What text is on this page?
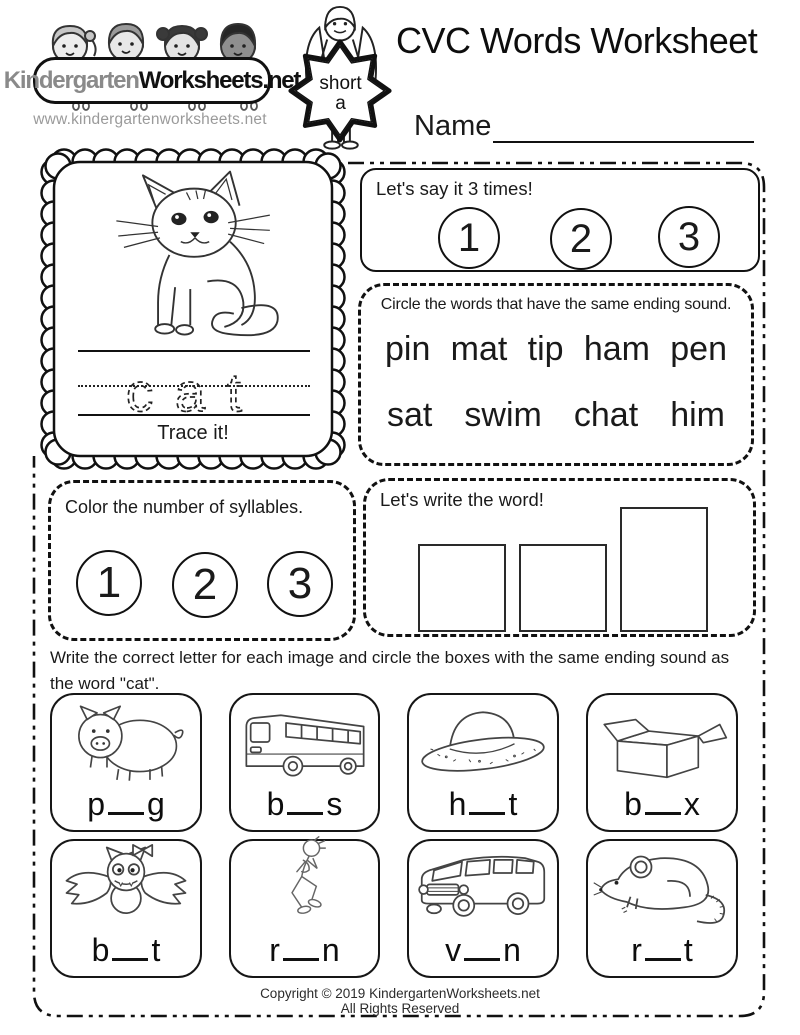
Kindergarten Worksheets.net
www.kindergartenworksheets.net
short
a
CVC Words Worksheet
Name
cat
Trace it!
Let's say it 3 times!
1	2	3
Circle the words that have the same ending sound.
pin mat tip ham pen
sat swim chat him
Color the number of syllables.
1	2	3
Let's write the word!
Write the correct letter for each image and circle the boxes with the same ending sound as the word "cat".
p g	b s	h t	b x
b t	r n	v n	r t
Copyright © 2019 KindergartenWorksheets.net
All Rights Reserved
